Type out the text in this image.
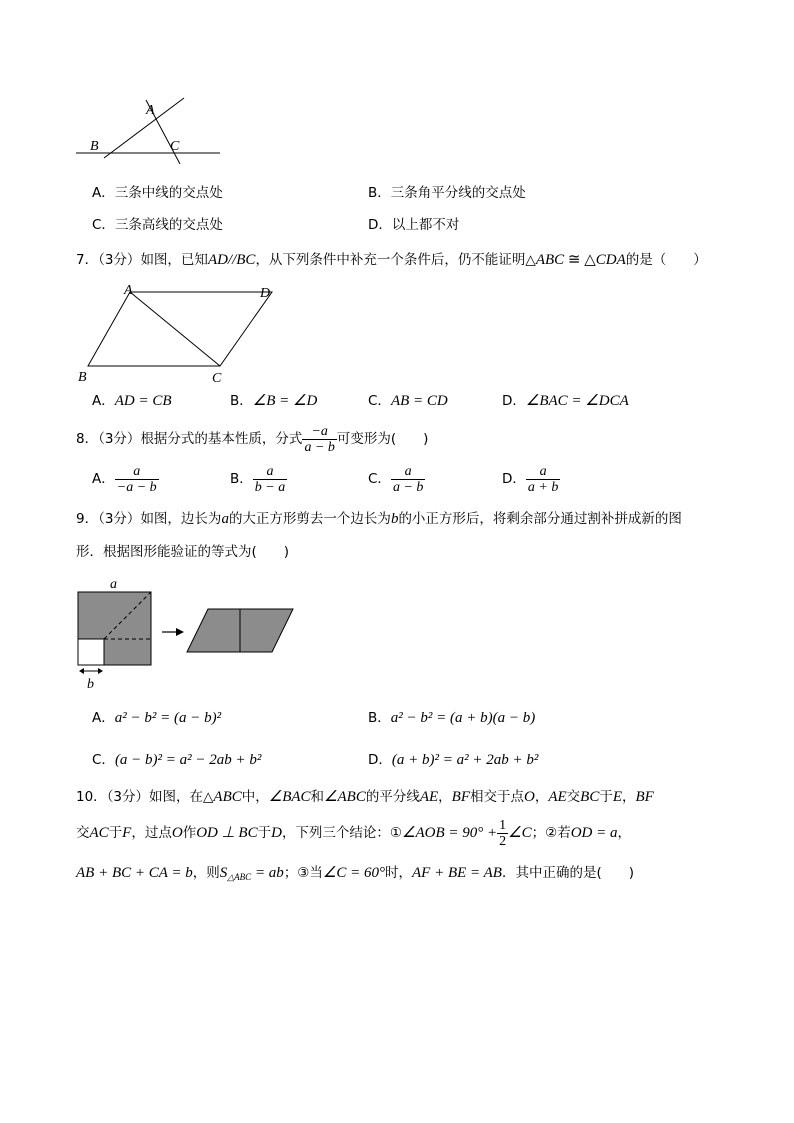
A
B	C
A．三条中线的交点处	B．三条角平分线的交点处
C．三条高线的交点处	D．以上都不对
7．（3分）如图，已知AD//BC，从下列条件中补充一个条件后，仍不能证明△ABC ≅ △CDA的是（　　）
A	D
B	C
A．AD = CB	B．∠B = ∠D	C．AB = CD	D．∠BAC = ∠DCA
8．（3分）根据分式的基本性质，分式 $\frac{-a}{a - b}$ 可变形为(　　)
A． $\frac{a}{-a - b}$	B． $\frac{a}{b - a}$	C． $\frac{a}{a - b}$	D． $\frac{a}{a + b}$
9．（3分）如图，边长为a的大正方形剪去一个边长为b的小正方形后，将剩余部分通过割补拼成新的图
形．根据图形能验证的等式为(　　)
a
b
A．a² − b² = (a − b)²	B．a² − b² = (a + b)(a − b)
C．(a − b)² = a² − 2ab + b²	D．(a + b)² = a² + 2ab + b²
10．（3分）如图，在△ABC中，∠BAC和∠ABC的平分线AE，BF相交于点O，AE交BC于E，BF
交AC于F，过点O作OD ⊥ BC于D，下列三个结论：①∠AOB = $90^\circ + \frac{1}{2}$ ∠C；②若OD = a，
AB + BC + CA = b，则$S_{\triangle ABC}$ = ab；③当∠C = 60°时，AF + BE = AB．其中正确的是(　　)
